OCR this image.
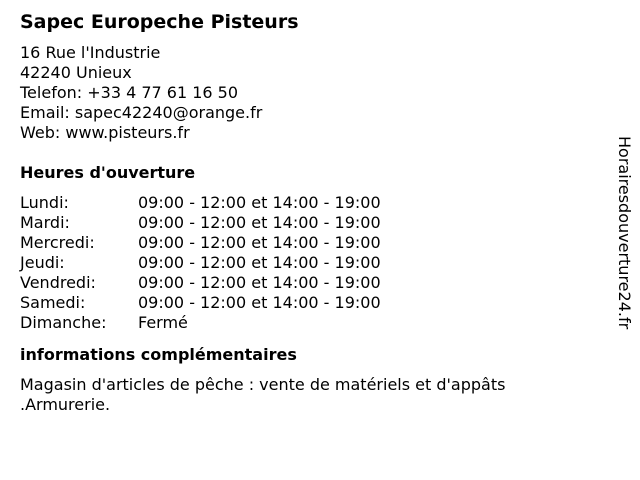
Sapec Europeche Pisteurs
16 Rue l'Industrie
42240 Unieux
Telefon: +33 4 77 61 16 50
Email: sapec42240@orange.fr
Web: www.pisteurs.fr
Heures d'ouverture
Lundi:	09:00 - 12:00 et 14:00 - 19:00
Mardi:	09:00 - 12:00 et 14:00 - 19:00
Mercredi:	09:00 - 12:00 et 14:00 - 19:00
Jeudi:	09:00 - 12:00 et 14:00 - 19:00
Vendredi:	09:00 - 12:00 et 14:00 - 19:00
Samedi:	09:00 - 12:00 et 14:00 - 19:00
Dimanche:	Fermé
informations complémentaires
Magasin d'articles de pêche : vente de matériels et d'appâts .Armurerie.
Horairesdouverture24.fr
